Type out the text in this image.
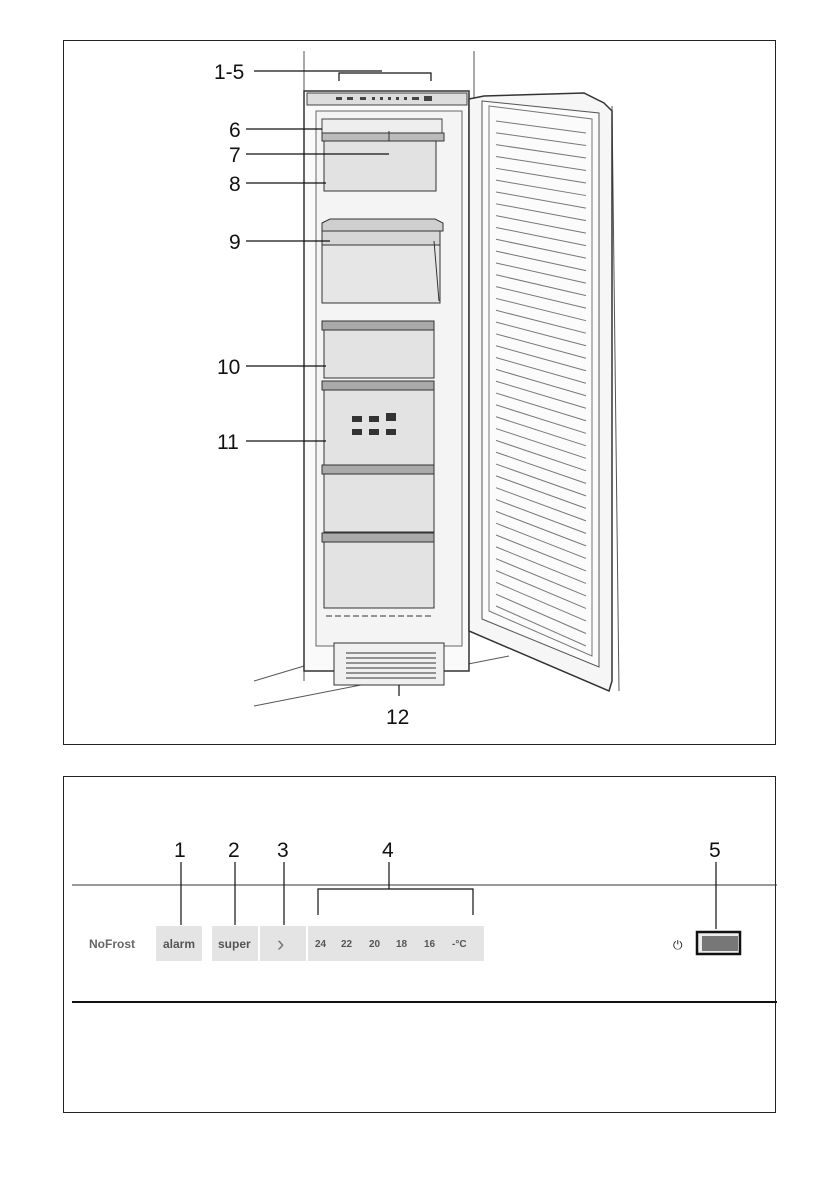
1-5
6
7
8
9
10
11
12
1 2 3	4	5
NoFrost alarm super ›	24 22 20 18 16 -°C	⏻
